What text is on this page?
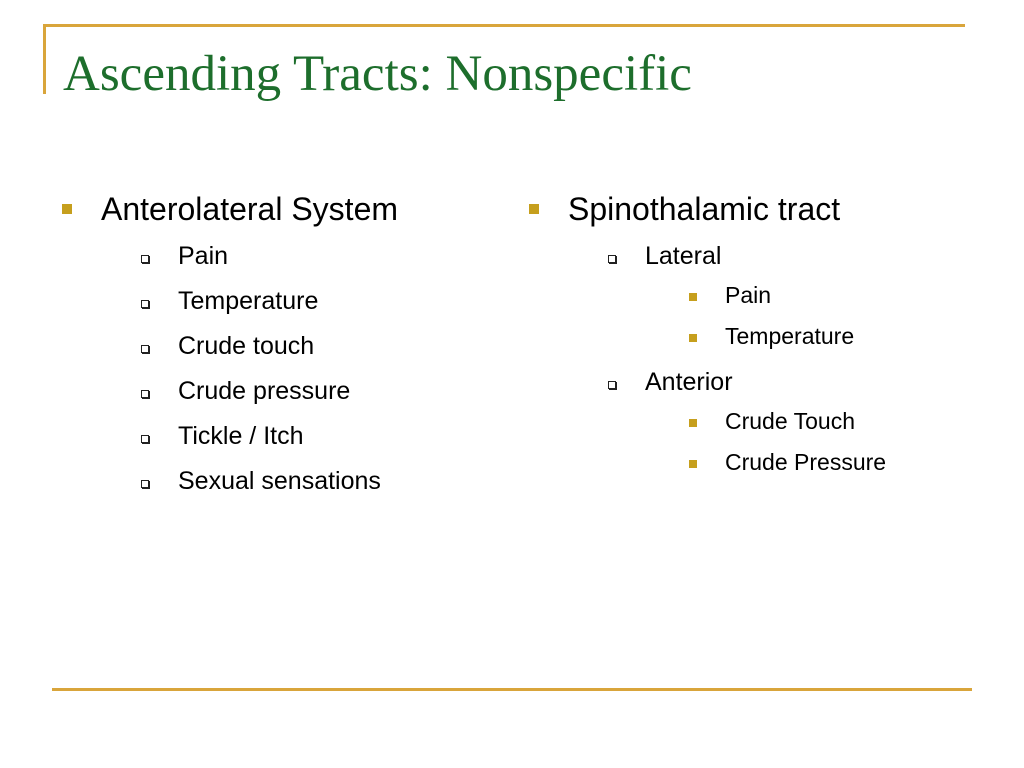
Ascending Tracts: Nonspecific
Anterolateral System
Pain
Temperature
Crude touch
Crude pressure
Tickle / Itch
Sexual sensations
Spinothalamic tract
Lateral
Pain
Temperature
Anterior
Crude Touch
Crude Pressure
